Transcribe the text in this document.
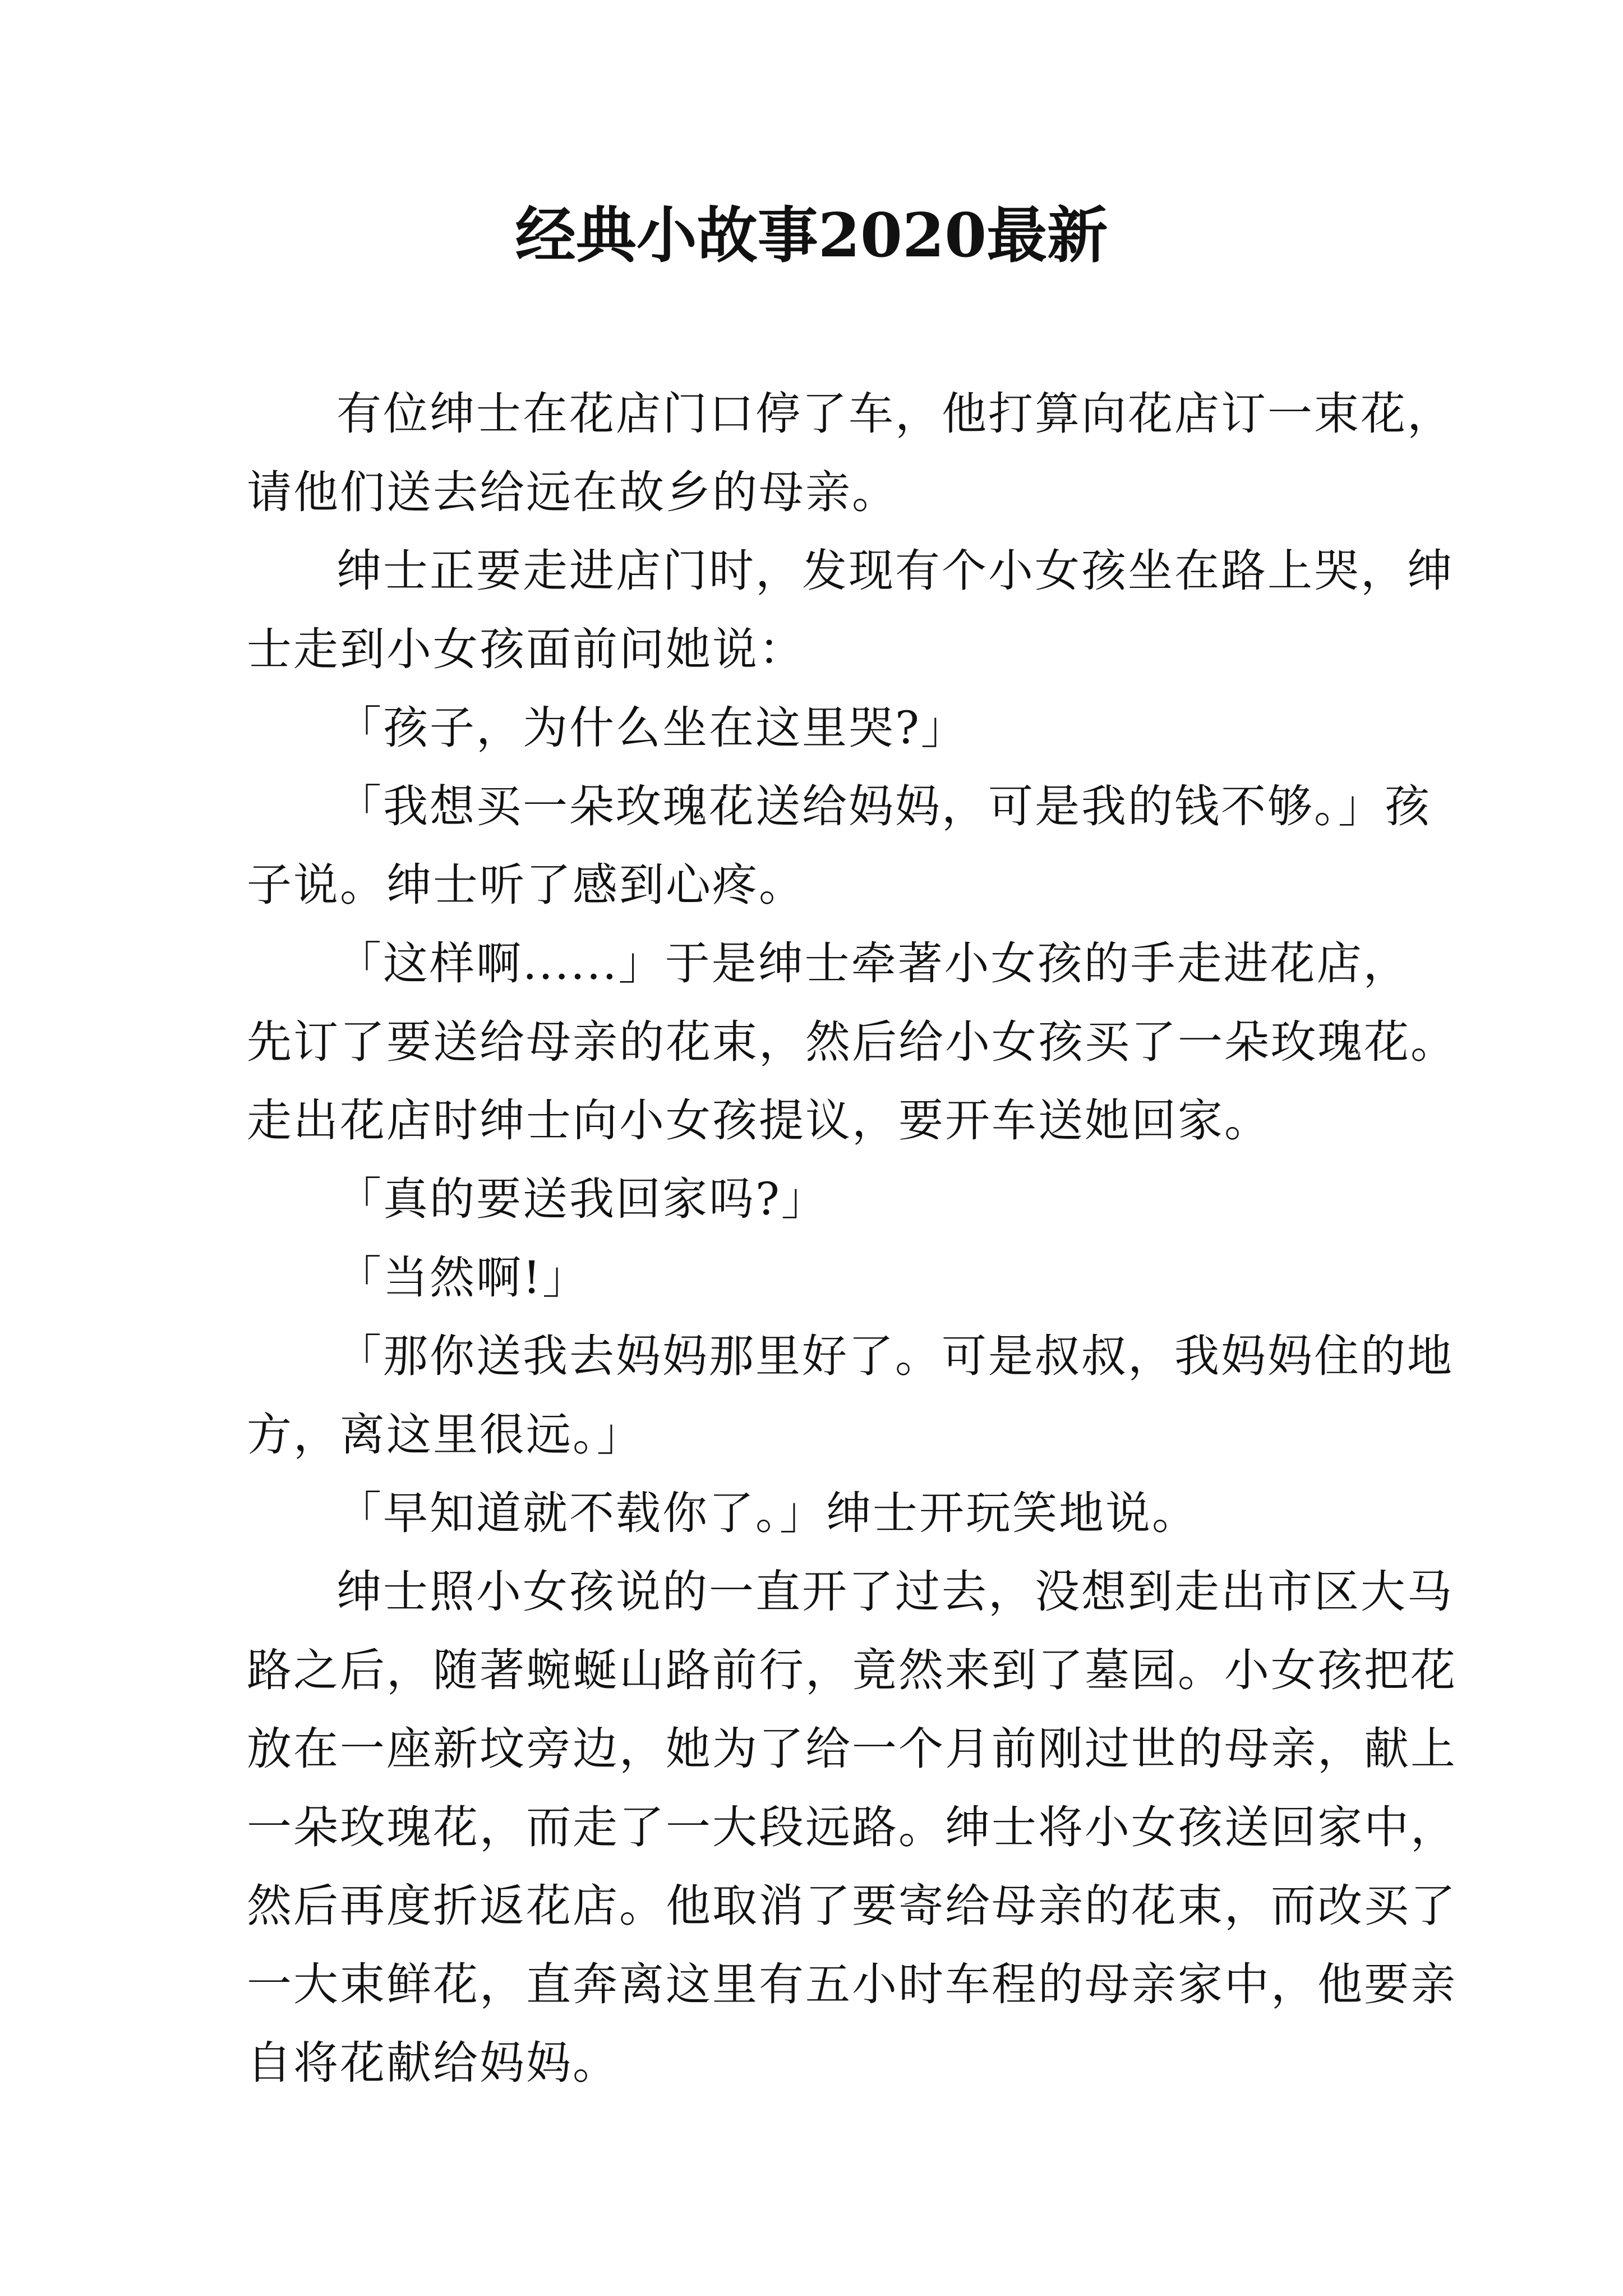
经典小故事2020最新

有位绅士在花店门口停了车，他打算向花店订一束花，
请他们送去给远在故乡的母亲。

绅士正要走进店门时，发现有个小女孩坐在路上哭，绅
士走到小女孩面前问她说：

「孩子，为什么坐在这里哭?」

「我想买一朵玫瑰花送给妈妈，可是我的钱不够。」孩
子说。绅士听了感到心疼。

「这样啊......」于是绅士牵著小女孩的手走进花店，
先订了要送给母亲的花束，然后给小女孩买了一朵玫瑰花。
走出花店时绅士向小女孩提议，要开车送她回家。

「真的要送我回家吗?」

「当然啊!」

「那你送我去妈妈那里好了。可是叔叔，我妈妈住的地
方，离这里很远。」

「早知道就不载你了。」绅士开玩笑地说。

绅士照小女孩说的一直开了过去，没想到走出市区大马
路之后，随著蜿蜒山路前行，竟然来到了墓园。小女孩把花
放在一座新坟旁边，她为了给一个月前刚过世的母亲，献上
一朵玫瑰花，而走了一大段远路。绅士将小女孩送回家中，
然后再度折返花店。他取消了要寄给母亲的花束，而改买了
一大束鲜花，直奔离这里有五小时车程的母亲家中，他要亲
自将花献给妈妈。
